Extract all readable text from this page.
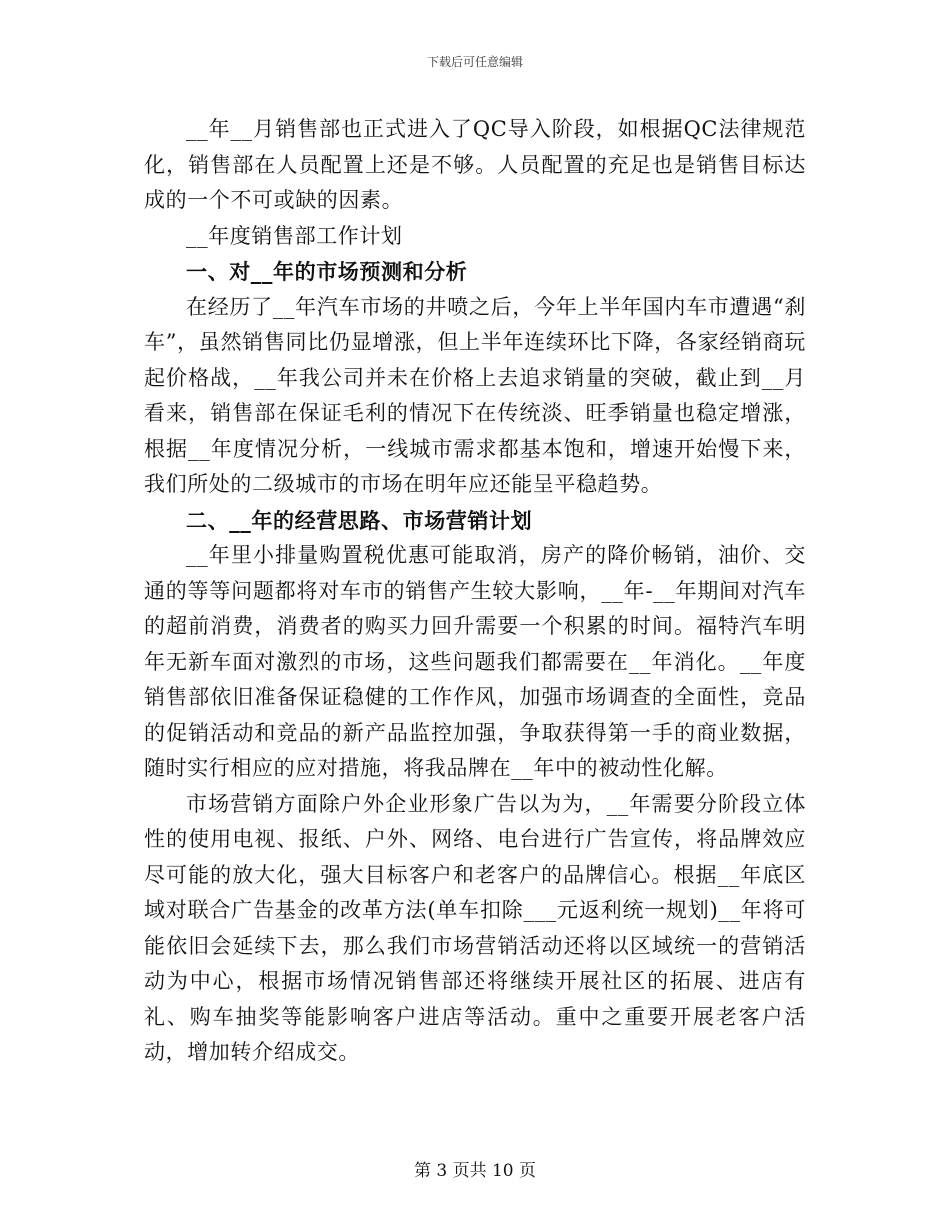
下载后可任意编辑

__年__月销售部也正式进入了QC导入阶段，如根据QC法律规范化，销售部在人员配置上还是不够。人员配置的充足也是销售目标达成的一个不可或缺的因素。

__年度销售部工作计划

一、对__年的市场预测和分析

在经历了__年汽车市场的井喷之后，今年上半年国内车市遭遇“刹车”，虽然销售同比仍显增涨，但上半年连续环比下降，各家经销商玩起价格战，__年我公司并未在价格上去追求销量的突破，截止到__月看来，销售部在保证毛利的情况下在传统淡、旺季销量也稳定增涨，根据__年度情况分析，一线城市需求都基本饱和，增速开始慢下来，我们所处的二级城市的市场在明年应还能呈平稳趋势。

二、__年的经营思路、市场营销计划

__年里小排量购置税优惠可能取消，房产的降价畅销，油价、交通的等等问题都将对车市的销售产生较大影响，__年-__年期间对汽车的超前消费，消费者的购买力回升需要一个积累的时间。福特汽车明年无新车面对激烈的市场，这些问题我们都需要在__年消化。__年度销售部依旧准备保证稳健的工作作风，加强市场调查的全面性，竞品的促销活动和竞品的新产品监控加强，争取获得第一手的商业数据，随时实行相应的应对措施，将我品牌在__年中的被动性化解。

市场营销方面除户外企业形象广告以为为，__年需要分阶段立体性的使用电视、报纸、户外、网络、电台进行广告宣传，将品牌效应尽可能的放大化，强大目标客户和老客户的品牌信心。根据__年底区域对联合广告基金的改革方法(单车扣除___元返利统一规划)__年将可能依旧会延续下去，那么我们市场营销活动还将以区域统一的营销活动为中心，根据市场情况销售部还将继续开展社区的拓展、进店有礼、购车抽奖等能影响客户进店等活动。重中之重要开展老客户活动，增加转介绍成交。

第 3 页共 10 页
